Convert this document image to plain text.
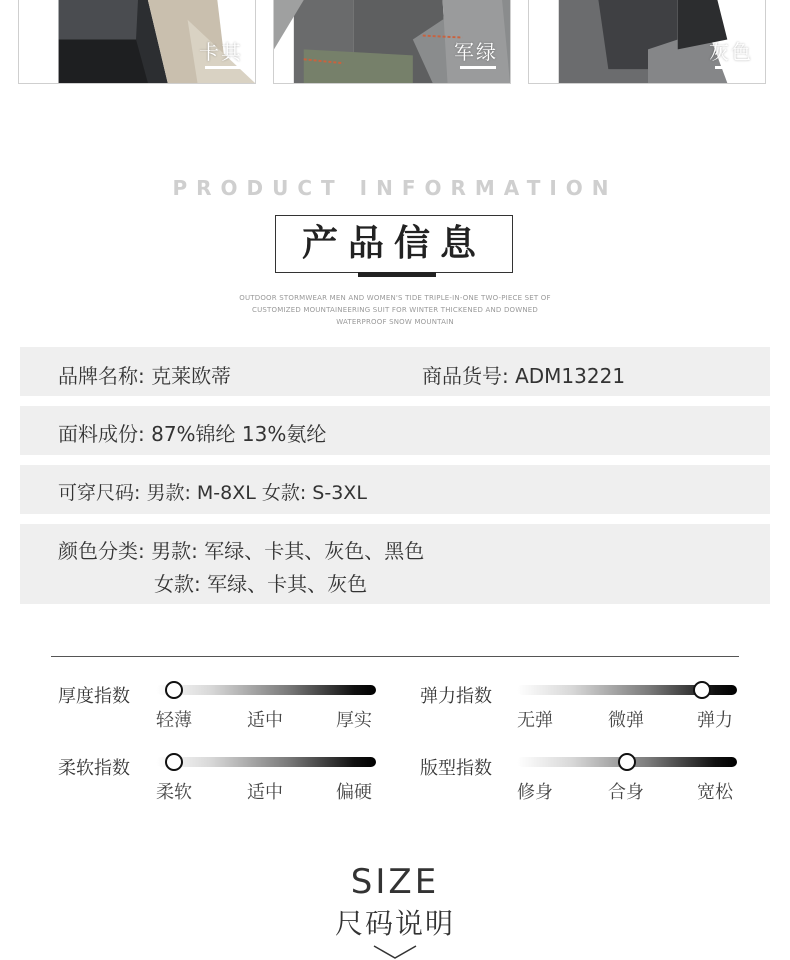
卡其	军绿	灰色
PRODUCT INFORMATION
产品信息
OUTDOOR STORMWEAR MEN AND WOMEN'S TIDE TRIPLE-IN-ONE TWO-PIECE SET OF CUSTOMIZED MOUNTAINEERING SUIT FOR WINTER THICKENED AND DOWNED WATERPROOF SNOW MOUNTAIN
品牌名称: 克莱欧蒂	商品货号: ADM13221
面料成份: 87%锦纶 13%氨纶
可穿尺码: 男款: M-8XL 女款: S-3XL
颜色分类: 男款: 军绿、卡其、灰色、黑色
女款: 军绿、卡其、灰色
厚度指数
轻薄	适中	厚实
弹力指数
无弹	微弹	弹力
柔软指数
柔软	适中	偏硬
版型指数
修身	合身	宽松
SIZE
尺码说明
